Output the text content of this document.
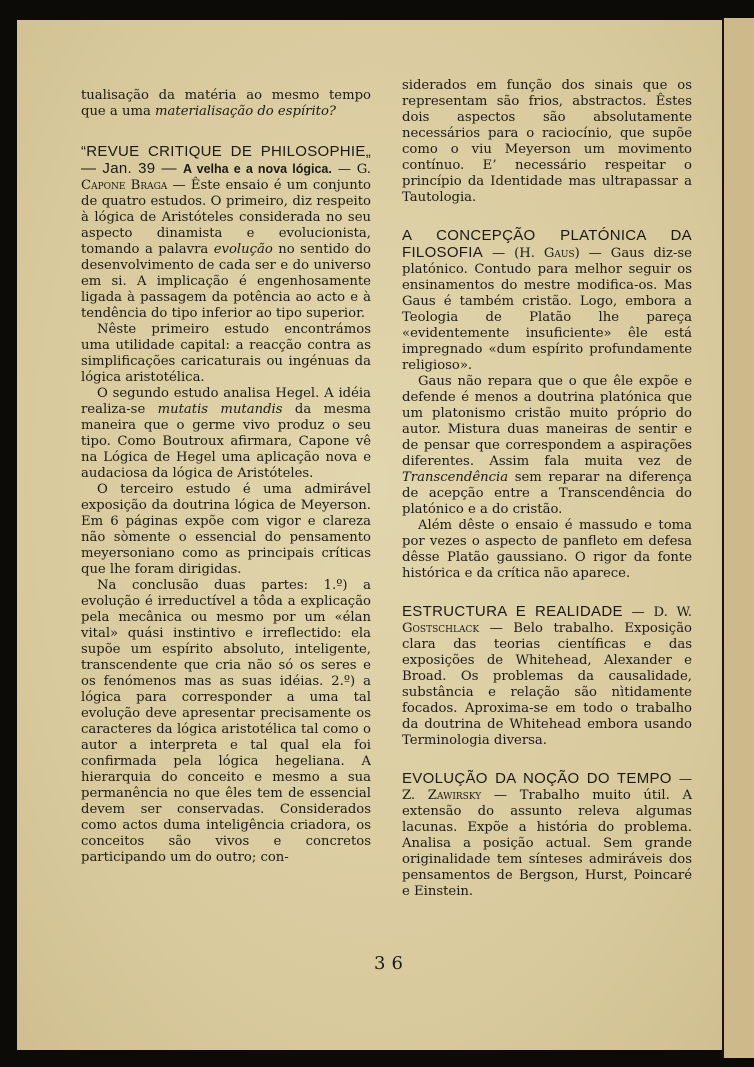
tualisação da matéria ao mesmo tempo que a uma materialisação do espírito?

“REVUE CRITIQUE DE PHILOSOPHIE„ — Jan. 39 — A velha e a nova lógica. — G. Capone Braga — Êste ensaio é um conjunto de quatro estudos. O primeiro, diz respeito à lógica de Aristóteles considerada no seu aspecto dinamista e evolucionista, tomando a palavra evolução no sentido do desenvolvimento de cada ser e do universo em si. A implicação é engenhosamente ligada à passagem da potência ao acto e à tendência do tipo inferior ao tipo superior.

Nêste primeiro estudo encontrámos uma utilidade capital: a reacção contra as simplificações caricaturais ou ingénuas da lógica aristotélica.

O segundo estudo analisa Hegel. A idéia realiza-se mutatis mutandis da mesma maneira que o germe vivo produz o seu tipo. Como Boutroux afirmara, Capone vê na Lógica de Hegel uma aplicação nova e audaciosa da lógica de Aristóteles.

O terceiro estudo é uma admirável exposição da doutrina lógica de Meyerson. Em 6 páginas expõe com vigor e clareza não sòmente o essencial do pensamento meyersoniano como as principais críticas que lhe foram dirigidas.

Na conclusão duas partes: 1.º) a evolução é irreductível a tôda a explicação pela mecânica ou mesmo por um «élan vital» quási instintivo e irreflectido: ela supõe um espírito absoluto, inteligente, transcendente que cria não só os seres e os fenómenos mas as suas idéias. 2.º) a lógica para corresponder a uma tal evolução deve apresentar precisamente os caracteres da lógica aristotélica tal como o autor a interpreta e tal qual ela foi confirmada pela lógica hegeliana. A hierarquia do conceito e mesmo a sua permanência no que êles tem de essencial devem ser conservadas. Considerados como actos duma inteligência criadora, os conceitos são vivos e concretos participando um do outro; con-

siderados em função dos sinais que os representam são frios, abstractos. Êstes dois aspectos são absolutamente necessários para o raciocínio, que supõe como o viu Meyerson um movimento contínuo. E’ necessário respeitar o princípio da Identidade mas ultrapassar a Tautologia.

A CONCEPÇÃO PLATÓNICA DA FILOSOFIA — (H. Gaus) — Gaus diz-se platónico. Contudo para melhor seguir os ensinamentos do mestre modifica-os. Mas Gaus é também cristão. Logo, embora a Teologia de Platão lhe pareça «evidentemente insuficiente» êle está impregnado «dum espírito profundamente religioso».

Gaus não repara que o que êle expõe e defende é menos a doutrina platónica que um platonismo cristão muito próprio do autor. Mistura duas maneiras de sentir e de pensar que correspondem a aspirações diferentes. Assim fala muita vez de Transcendência sem reparar na diferença de acepção entre a Transcendência do platónico e a do cristão.

Além dêste o ensaio é massudo e toma por vezes o aspecto de panfleto em defesa dêsse Platão gaussiano. O rigor da fonte histórica e da crítica não aparece.

ESTRUCTURA E REALIDADE — D. W. Gostschlack — Belo trabalho. Exposição clara das teorias científicas e das exposições de Whitehead, Alexander e Broad. Os problemas da causalidade, substância e relação são nìtidamente focados. Aproxima-se em todo o trabalho da doutrina de Whitehead embora usando Terminologia diversa.

EVOLUÇÃO DA NOÇÃO DO TEMPO — Z. Zawirsky — Trabalho muito útil. A extensão do assunto releva algumas lacunas. Expõe a história do problema. Analisa a posição actual. Sem grande originalidade tem sínteses admiráveis dos pensamentos de Bergson, Hurst, Poincaré e Einstein.

36
